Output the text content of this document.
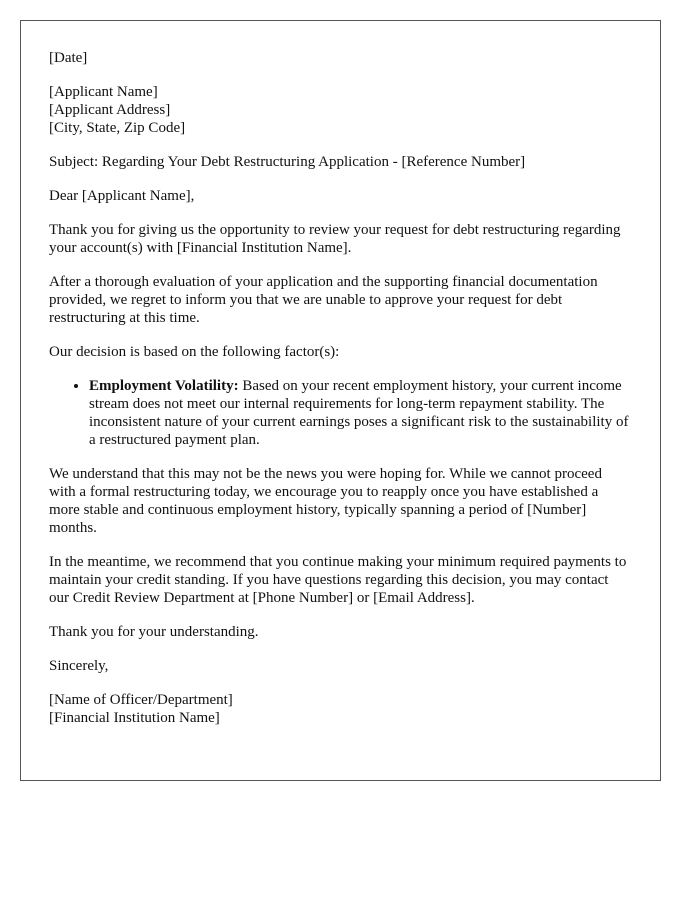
[Date]

[Applicant Name]
[Applicant Address]
[City, State, Zip Code]

Subject: Regarding Your Debt Restructuring Application - [Reference Number]

Dear [Applicant Name],

Thank you for giving us the opportunity to review your request for debt restructuring regarding your account(s) with [Financial Institution Name].

After a thorough evaluation of your application and the supporting financial documentation provided, we regret to inform you that we are unable to approve your request for debt restructuring at this time.

Our decision is based on the following factor(s):

• Employment Volatility: Based on your recent employment history, your current income stream does not meet our internal requirements for long-term repayment stability. The inconsistent nature of your current earnings poses a significant risk to the sustainability of a restructured payment plan.

We understand that this may not be the news you were hoping for. While we cannot proceed with a formal restructuring today, we encourage you to reapply once you have established a more stable and continuous employment history, typically spanning a period of [Number] months.

In the meantime, we recommend that you continue making your minimum required payments to maintain your credit standing. If you have questions regarding this decision, you may contact our Credit Review Department at [Phone Number] or [Email Address].

Thank you for your understanding.

Sincerely,

[Name of Officer/Department]
[Financial Institution Name]
